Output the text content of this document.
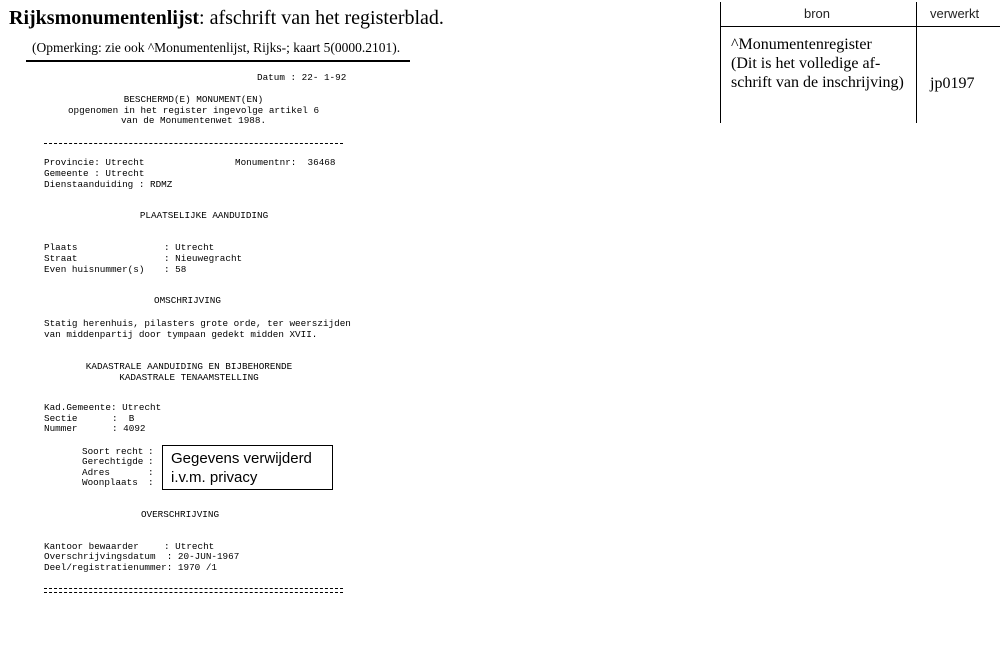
Rijksmonumentenlijst: afschrift van het registerblad.
(Opmerking: zie ook ^Monumentenlijst, Rijks-; kaart 5(0000.2101).
bron	verwerkt
^Monumentenregister
(Dit is het volledige af-
schrift van de inschrijving) jp0197
Datum : 22- 1-92
BESCHERMD(E) MONUMENT(EN)
opgenomen in het register ingevolge artikel 6
van de Monumentenwet 1988.
Provincie: Utrecht	Monumentnr:  36468
Gemeente : Utrecht
Dienstaanduiding : RDMZ
PLAATSELIJKE AANDUIDING
Plaats	: Utrecht
Straat	: Nieuwegracht
Even huisnummer(s) : 58
OMSCHRIJVING
Statig herenhuis, pilasters grote orde, ter weerszijden
van middenpartij door tympaan gedekt midden XVII.
KADASTRALE AANDUIDING EN BIJBEHORENDE
KADASTRALE TENAAMSTELLING
Kad.Gemeente: Utrecht
Sectie	:  B
Nummer	: 4092
Soort recht :
Gerechtigde :
Adres	:
Woonplaats :
Gegevens verwijderd
i.v.m. privacy
OVERSCHRIJVING
Kantoor bewaarder	: Utrecht
Overschrijvingsdatum  : 20-JUN-1967
Deel/registratienummer: 1970 /1
